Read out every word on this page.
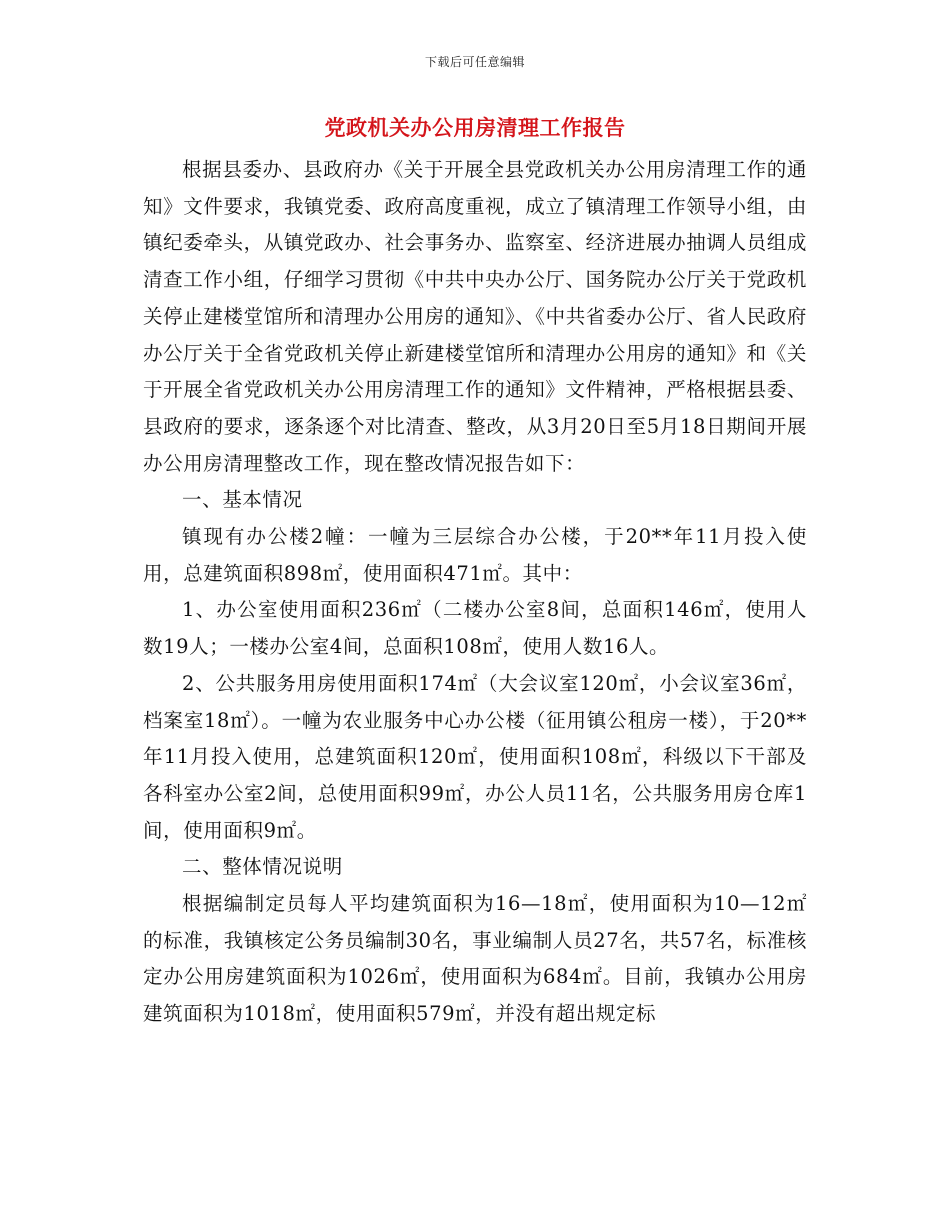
下载后可任意编辑
党政机关办公用房清理工作报告

根据县委办、县政府办《关于开展全县党政机关办公用房清理工作的通知》文件要求，我镇党委、政府高度重视，成立了镇清理工作领导小组，由镇纪委牵头，从镇党政办、社会事务办、监察室、经济进展办抽调人员组成清查工作小组，仔细学习贯彻《中共中央办公厅、国务院办公厅关于党政机关停止建楼堂馆所和清理办公用房的通知》、《中共省委办公厅、省人民政府办公厅关于全省党政机关停止新建楼堂馆所和清理办公用房的通知》和《关于开展全省党政机关办公用房清理工作的通知》文件精神，严格根据县委、县政府的要求，逐条逐个对比清查、整改，从3月20日至5月18日期间开展办公用房清理整改工作，现在整改情况报告如下：

一、基本情况

镇现有办公楼2幢：一幢为三层综合办公楼，于20**年11月投入使用，总建筑面积898㎡，使用面积471㎡。其中：

1、办公室使用面积236㎡（二楼办公室8间，总面积146㎡，使用人数19人；一楼办公室4间，总面积108㎡，使用人数16人。

2、公共服务用房使用面积174㎡（大会议室120㎡，小会议室36㎡，档案室18㎡）。一幢为农业服务中心办公楼（征用镇公租房一楼），于20**年11月投入使用，总建筑面积120㎡，使用面积108㎡，科级以下干部及各科室办公室2间，总使用面积99㎡，办公人员11名，公共服务用房仓库1间，使用面积9㎡。

二、整体情况说明

根据编制定员每人平均建筑面积为16—18㎡，使用面积为10—12㎡的标准，我镇核定公务员编制30名，事业编制人员27名，共57名，标准核定办公用房建筑面积为1026㎡，使用面积为684㎡。目前，我镇办公用房建筑面积为1018㎡，使用面积579㎡，并没有超出规定标
